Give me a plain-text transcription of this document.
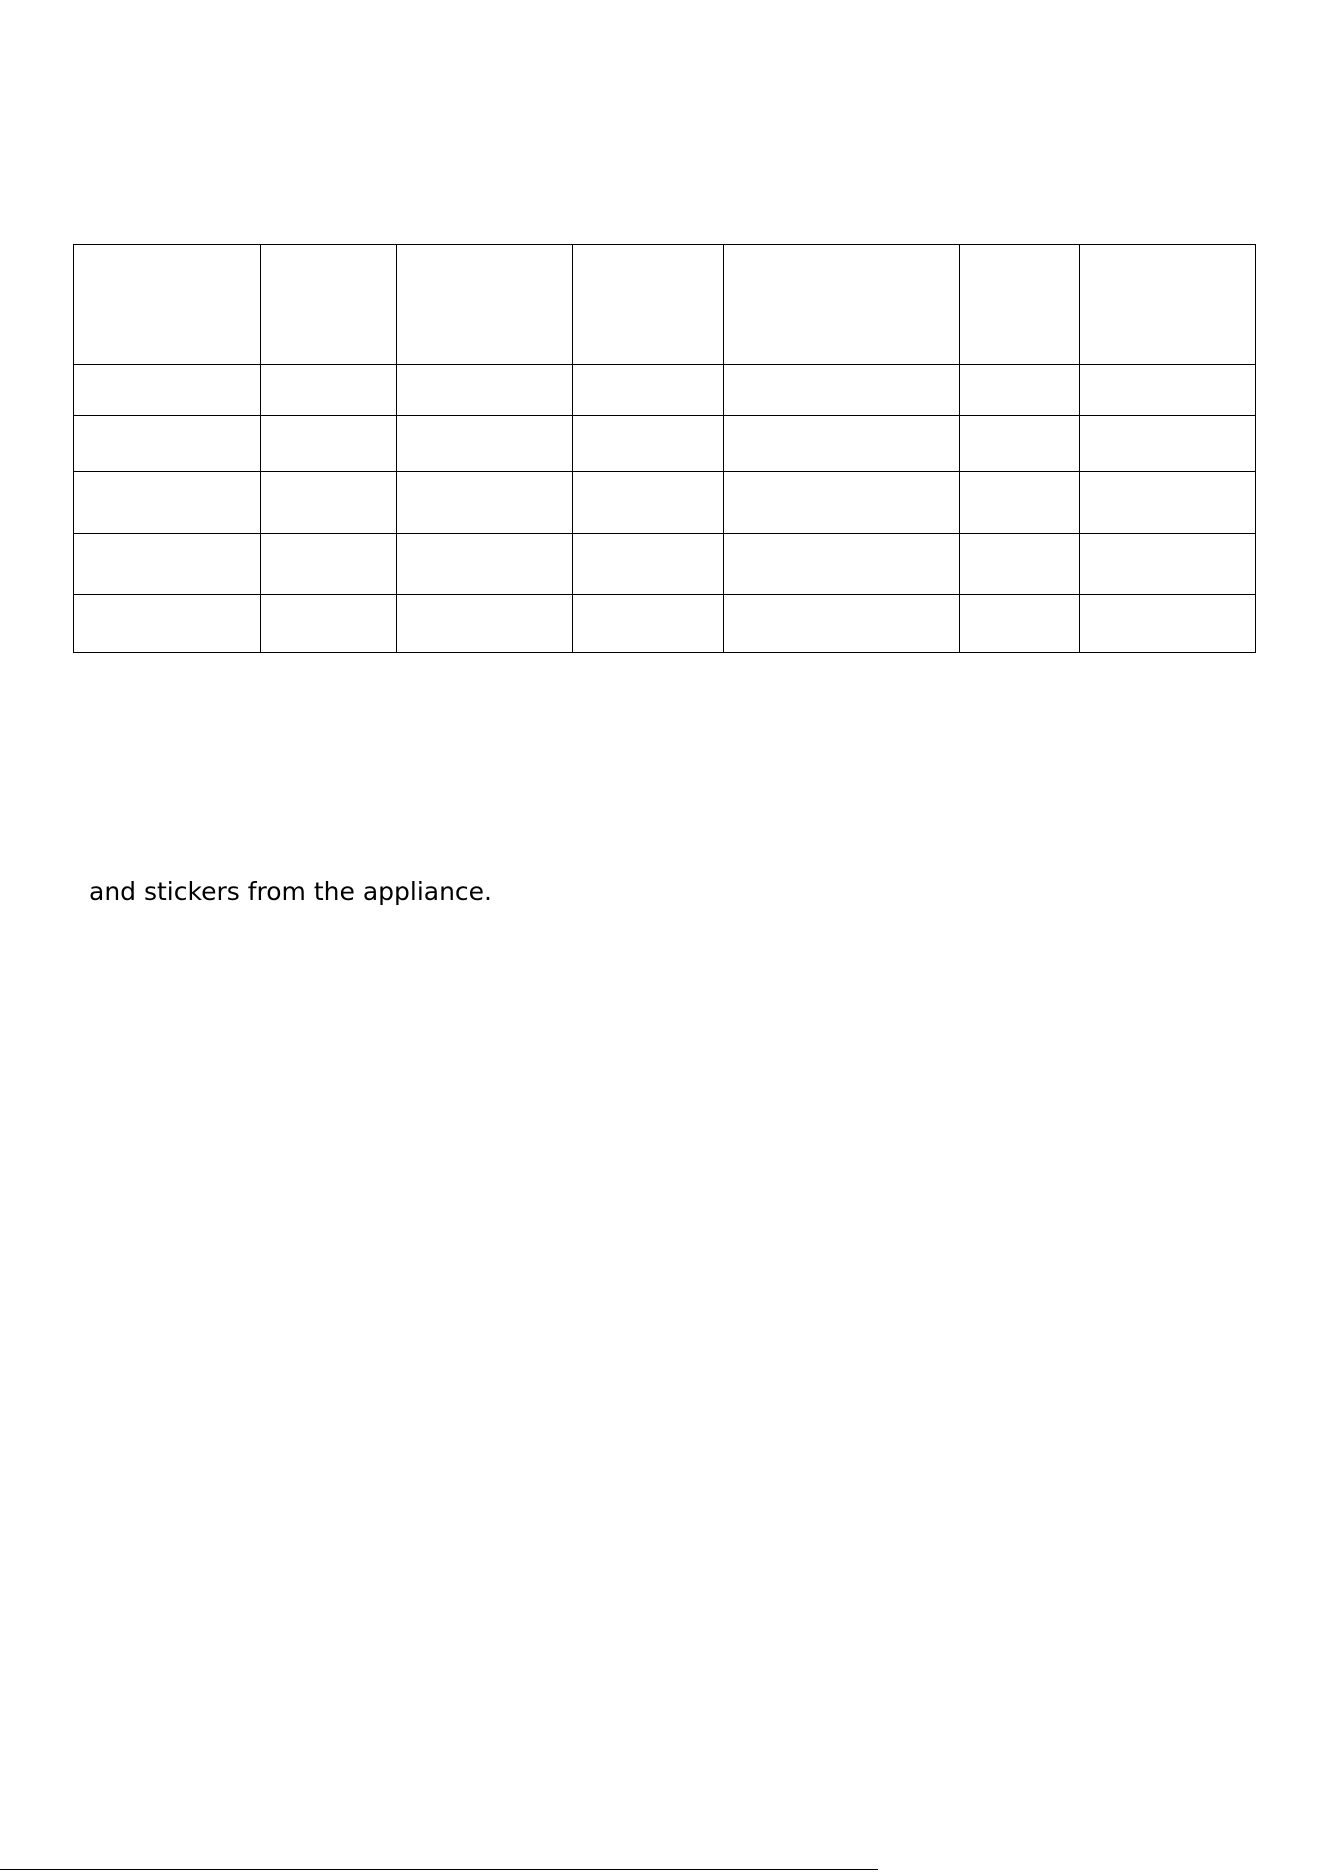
and stickers from the appliance.
